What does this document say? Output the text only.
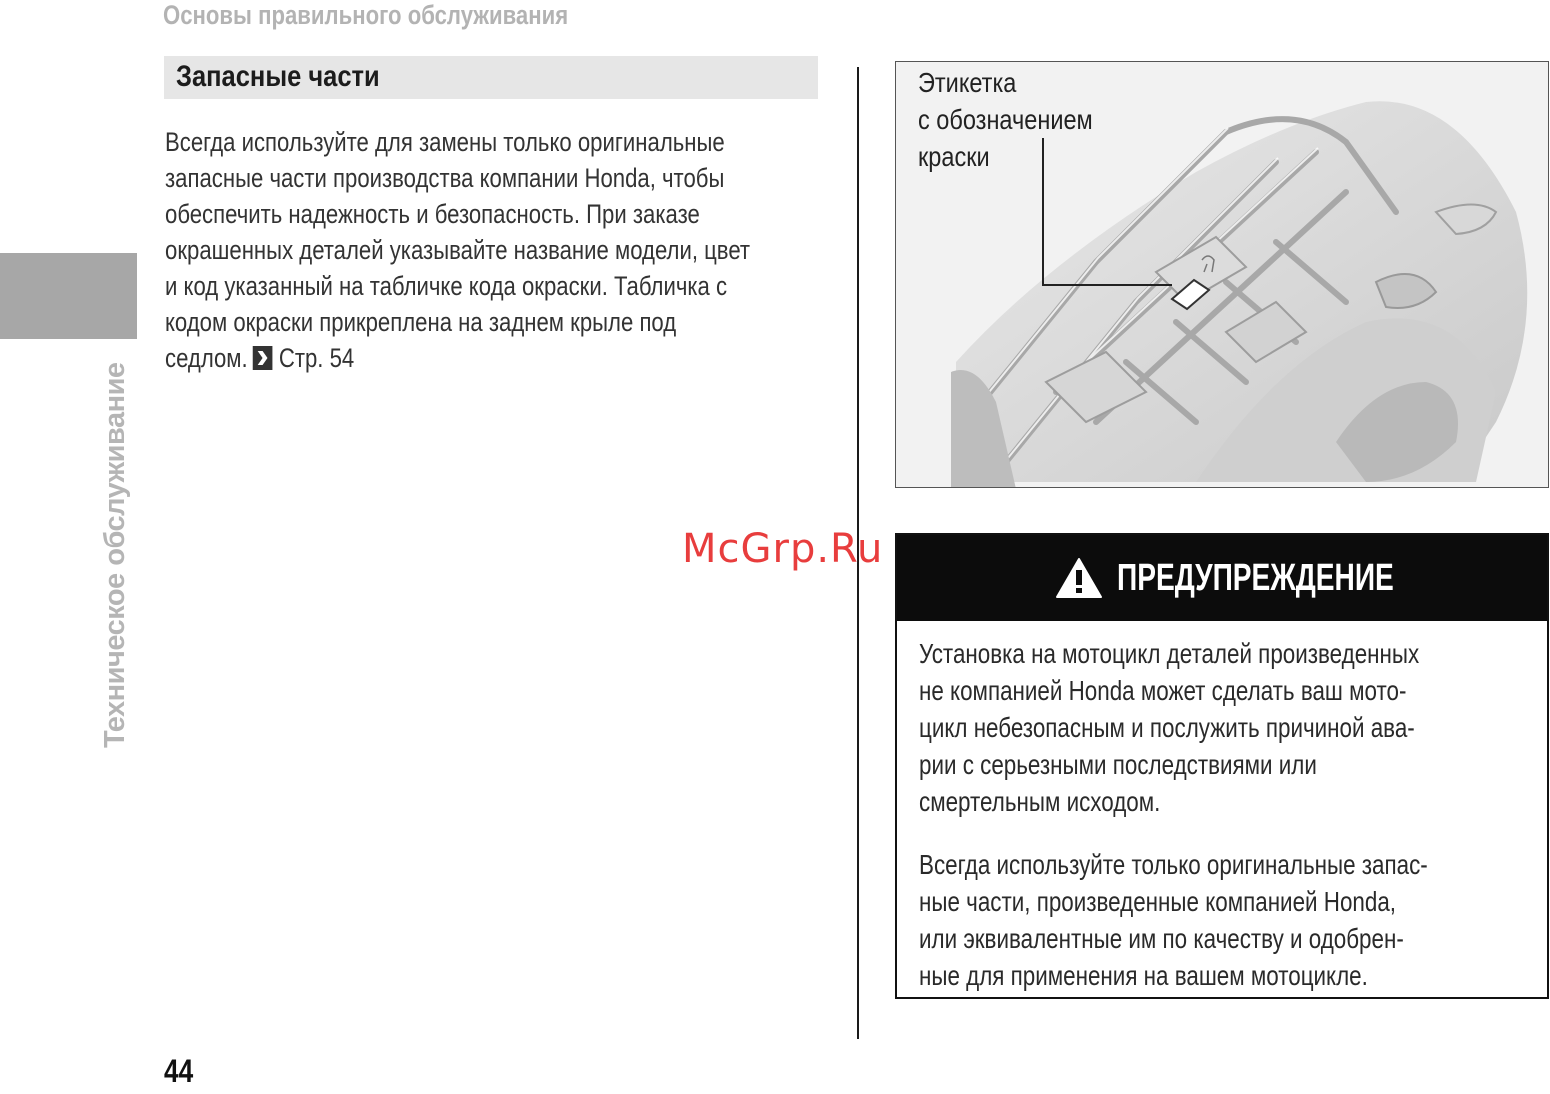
Основы правильного обслуживания
Техническое обслуживание
Запасные части
Всегда используйте для замены только оригинальные
запасные части производства компании Honda, чтобы
обеспечить надежность и безопасность. При заказе
окрашенных деталей указывайте название модели, цвет
и код указанный на табличке кода окраски. Табличка с
кодом окраски прикреплена на заднем крыле под
седлом. Стр. 54
Этикетка
с обозначением
краски
ПРЕДУПРЕЖДЕНИЕ
Установка на мотоцикл деталей произведенных
не компанией Honda может сделать ваш мото-
цикл небезопасным и послужить причиной ава-
рии с серьезными последствиями или
смертельным исходом.
Всегда используйте только оригинальные запас-
ные части, произведенные компанией Honda,
или эквивалентные им по качеству и одобрен-
ные для применения на вашем мотоцикле.
McGrp.Ru
44
